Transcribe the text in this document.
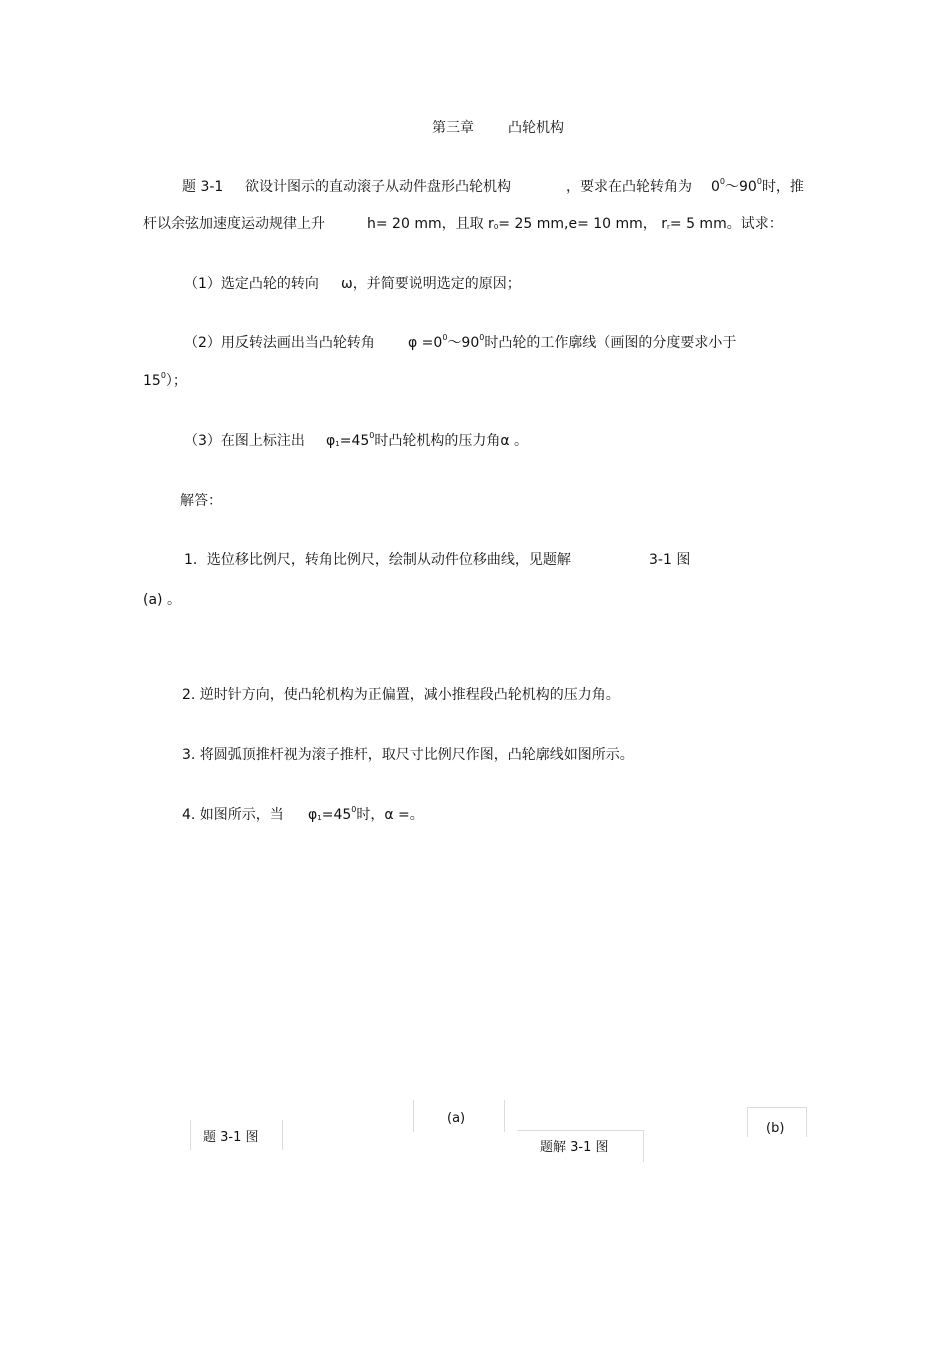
第三章 凸轮机构
题 3-1 欲设计图示的直动滚子从动件盘形凸轮机构	，要求在凸轮转角为 $0^0\sim 90^0$时，推
杆以余弦加速度运动规律上升	h= 20 mm，且取 $r_0= 25$ mm,e= 10 mm， $r_r= 5$ mm。试求：
（1）选定凸轮的转向 ω，并简要说明选定的原因；
（2）用反转法画出当凸轮转角 $\varphi =0^0\sim 90^0$时凸轮的工作廓线（画图的分度要求小于
$15^0$）；
（3）在图上标注出 $\varphi_1=45^0$时凸轮机构的压力角α 。
解答：
1．选位移比例尺，转角比例尺，绘制从动件位移曲线，见题解	3-1 图
(a) 。
2. 逆时针方向，使凸轮机构为正偏置，减小推程段凸轮机构的压力角。
3. 将圆弧顶推杆视为滚子推杆，取尺寸比例尺作图，凸轮廓线如图所示。
4. 如图所示，当 $\varphi_1=45^0$时，α =。
题 3-1 图
(a)
题解 3-1 图
(b)
